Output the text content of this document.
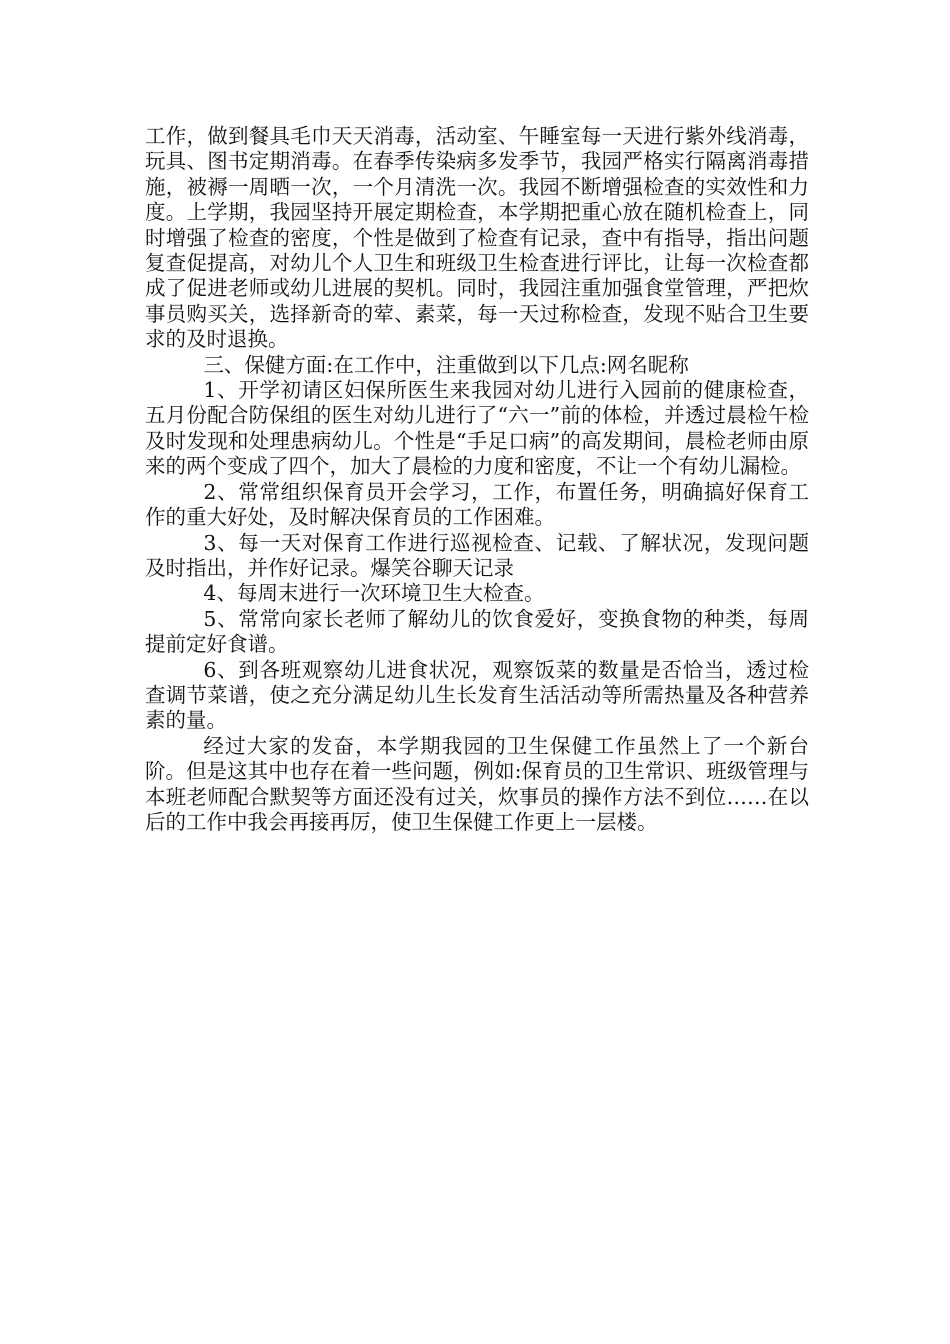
工作，做到餐具毛巾天天消毒，活动室、午睡室每一天进行紫外线消毒，玩具、图书定期消毒。在春季传染病多发季节，我园严格实行隔离消毒措施，被褥一周晒一次，一个月清洗一次。我园不断增强检查的实效性和力度。上学期，我园坚持开展定期检查，本学期把重心放在随机检查上，同时增强了检查的密度，个性是做到了检查有记录，查中有指导，指出问题复查促提高，对幼儿个人卫生和班级卫生检查进行评比，让每一次检查都成了促进老师或幼儿进展的契机。同时，我园注重加强食堂管理，严把炊事员购买关，选择新奇的荤、素菜，每一天过称检查，发现不贴合卫生要求的及时退换。

三、保健方面:在工作中，注重做到以下几点:网名昵称

1、开学初请区妇保所医生来我园对幼儿进行入园前的健康检查，五月份配合防保组的医生对幼儿进行了“六一”前的体检，并透过晨检午检及时发现和处理患病幼儿。个性是“手足口病”的高发期间，晨检老师由原来的两个变成了四个，加大了晨检的力度和密度，不让一个有幼儿漏检。

2、常常组织保育员开会学习，工作，布置任务，明确搞好保育工作的重大好处，及时解决保育员的工作困难。

3、每一天对保育工作进行巡视检查、记载、了解状况，发现问题及时指出，并作好记录。爆笑谷聊天记录

4、每周末进行一次环境卫生大检查。

5、常常向家长老师了解幼儿的饮食爱好，变换食物的种类，每周提前定好食谱。

6、到各班观察幼儿进食状况，观察饭菜的数量是否恰当，透过检查调节菜谱，使之充分满足幼儿生长发育生活活动等所需热量及各种营养素的量。

经过大家的发奋，本学期我园的卫生保健工作虽然上了一个新台阶。但是这其中也存在着一些问题，例如:保育员的卫生常识、班级管理与本班老师配合默契等方面还没有过关，炊事员的操作方法不到位……在以后的工作中我会再接再厉，使卫生保健工作更上一层楼。
